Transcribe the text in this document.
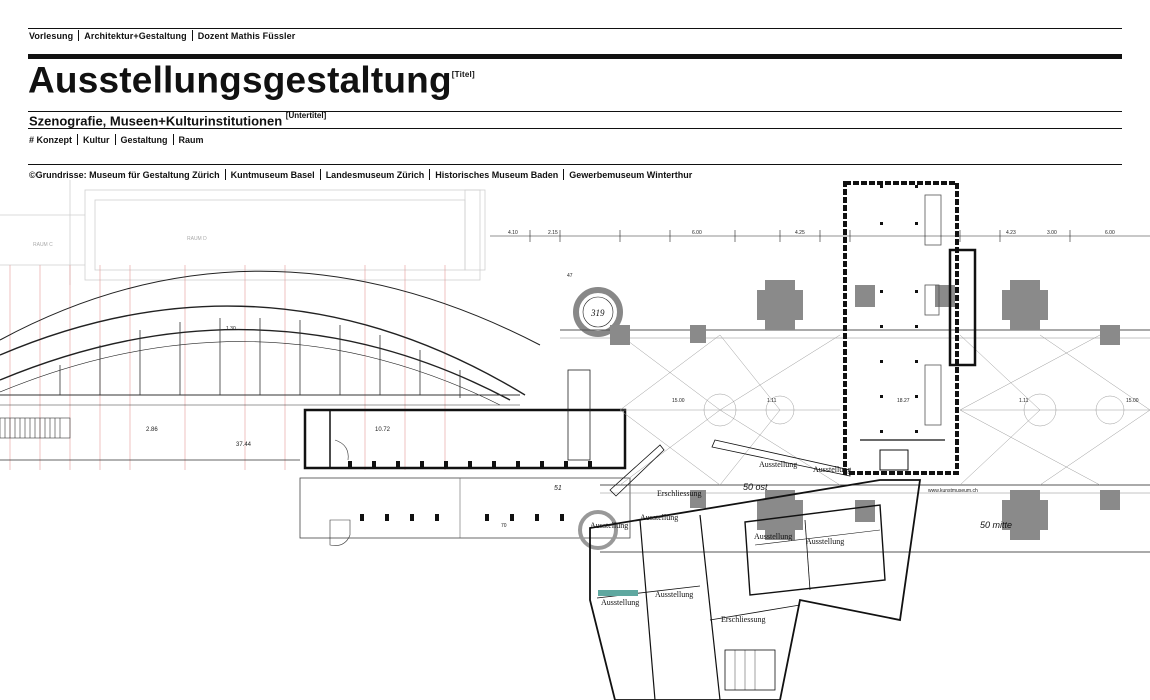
RAUM C
RAUM D
319
Ausstellung
Ausstellung
Ausstellung
Ausstellung
Ausstellung
Ausstellung
Ausstellung
Ausstellung
Erschliessung
Erschliessung
50 ost
50 mitte
www.kunstmuseum.ch
10.72
37.44
2.86
15.00	15.00
1.11	1.11
18.27
1.30
4.10	2.15	6.00	6.00
3.00
4.25	4.23
47
51
70
Vorlesung Architektur+Gestaltung Dozent Mathis Füssler
Ausstellungsgestaltung[Titel]
Szenografie, Museen+Kulturinstitutionen [Untertitel]
# Konzept Kultur Gestaltung Raum
©Grundrisse: Museum für Gestaltung Zürich Kuntmuseum Basel Landesmuseum Zürich Historisches Museum Baden Gewerbemuseum Winterthur
